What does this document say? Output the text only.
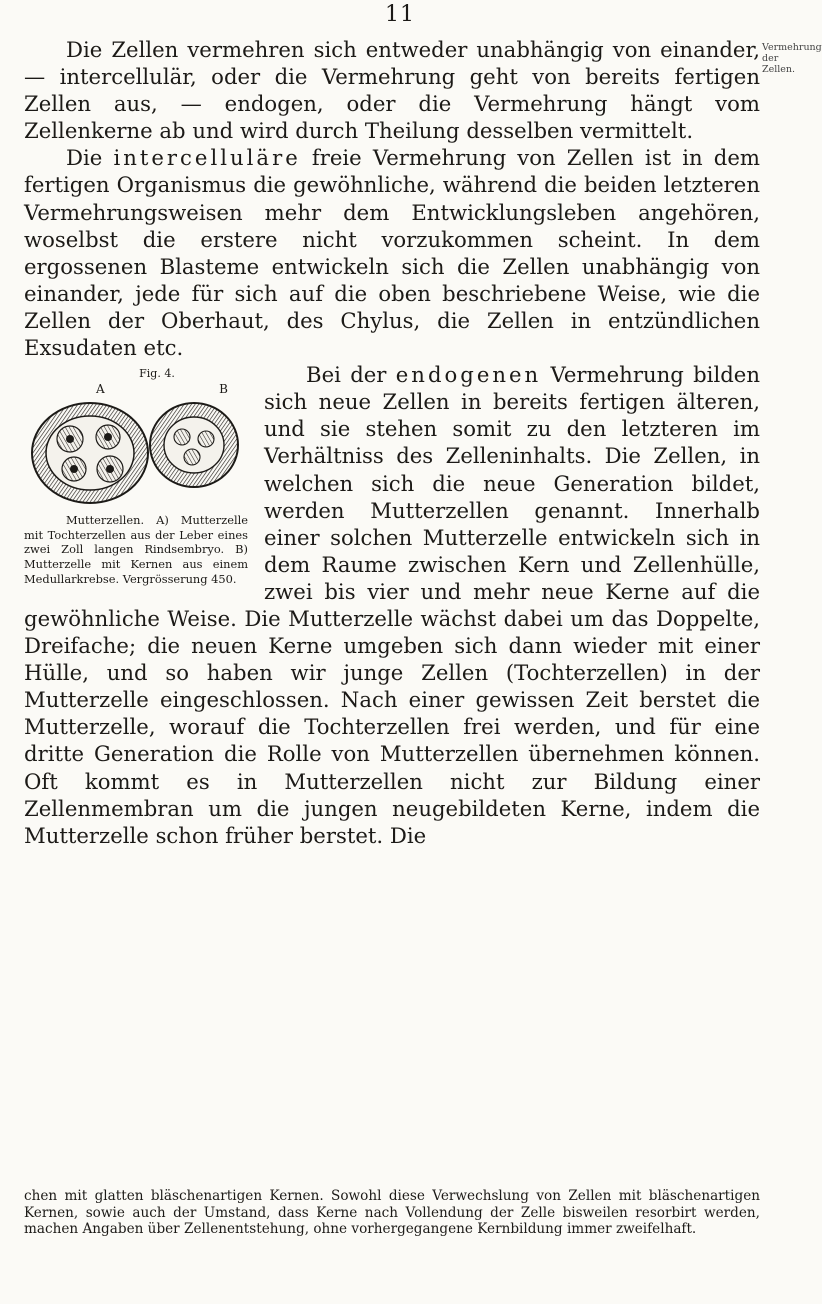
11
Vermehrung der Zellen.

Die Zellen vermehren sich entweder unabhängig von einander, — intercellulär, oder die Vermehrung geht von bereits fertigen Zellen aus, — endogen, oder die Vermehrung hängt vom Zellenkerne ab und wird durch Theilung desselben vermittelt.

Die intercelluläre freie Vermehrung von Zellen ist in dem fertigen Organismus die gewöhnliche, während die beiden letzteren Vermehrungsweisen mehr dem Entwicklungsleben angehören, woselbst die erstere nicht vorzukommen scheint. In dem ergossenen Blasteme entwickeln sich die Zellen unabhängig von einander, jede für sich auf die oben beschriebene Weise, wie die Zellen der Oberhaut, des Chylus, die Zellen in entzündlichen Exsudaten etc.

Bei der endogenen
Fig. 4.
A	B
Mutterzellen. A) Mutterzelle mit Tochterzellen aus der Leber eines zwei Zoll langen Rindsembryo. B) Mutterzelle mit Kernen aus einem Medullarkrebse. Vergrösserung 450.
Vermehrung bilden sich neue Zellen in bereits fertigen älteren, und sie stehen somit zu den letzteren im Verhältniss des Zelleninhalts. Die Zellen, in welchen sich die neue Generation bildet, werden Mutterzellen genannt. Innerhalb einer solchen Mutterzelle entwickeln sich in dem Raume zwischen Kern und Zellenhülle, zwei bis vier und mehr neue Kerne auf die gewöhnliche Weise. Die Mutterzelle wächst dabei um das Doppelte, Dreifache; die neuen Kerne umgeben sich dann wieder mit einer Hülle, und so haben wir junge Zellen (Tochterzellen) in der Mutterzelle eingeschlossen. Nach einer gewissen Zeit berstet die Mutterzelle, worauf die Tochterzellen frei werden, und für eine dritte Generation die Rolle von Mutterzellen übernehmen können. Oft kommt es in Mutterzellen nicht zur Bildung einer Zellenmembran um die jungen neugebildeten Kerne, indem die Mutterzelle schon früher berstet. Die

chen mit glatten bläschenartigen Kernen. Sowohl diese Verwechslung von Zellen mit bläschenartigen Kernen, sowie auch der Umstand, dass Kerne nach Vollendung der Zelle bisweilen resorbirt werden, machen Angaben über Zellenentstehung, ohne vorhergegangene Kernbildung immer zweifelhaft.
